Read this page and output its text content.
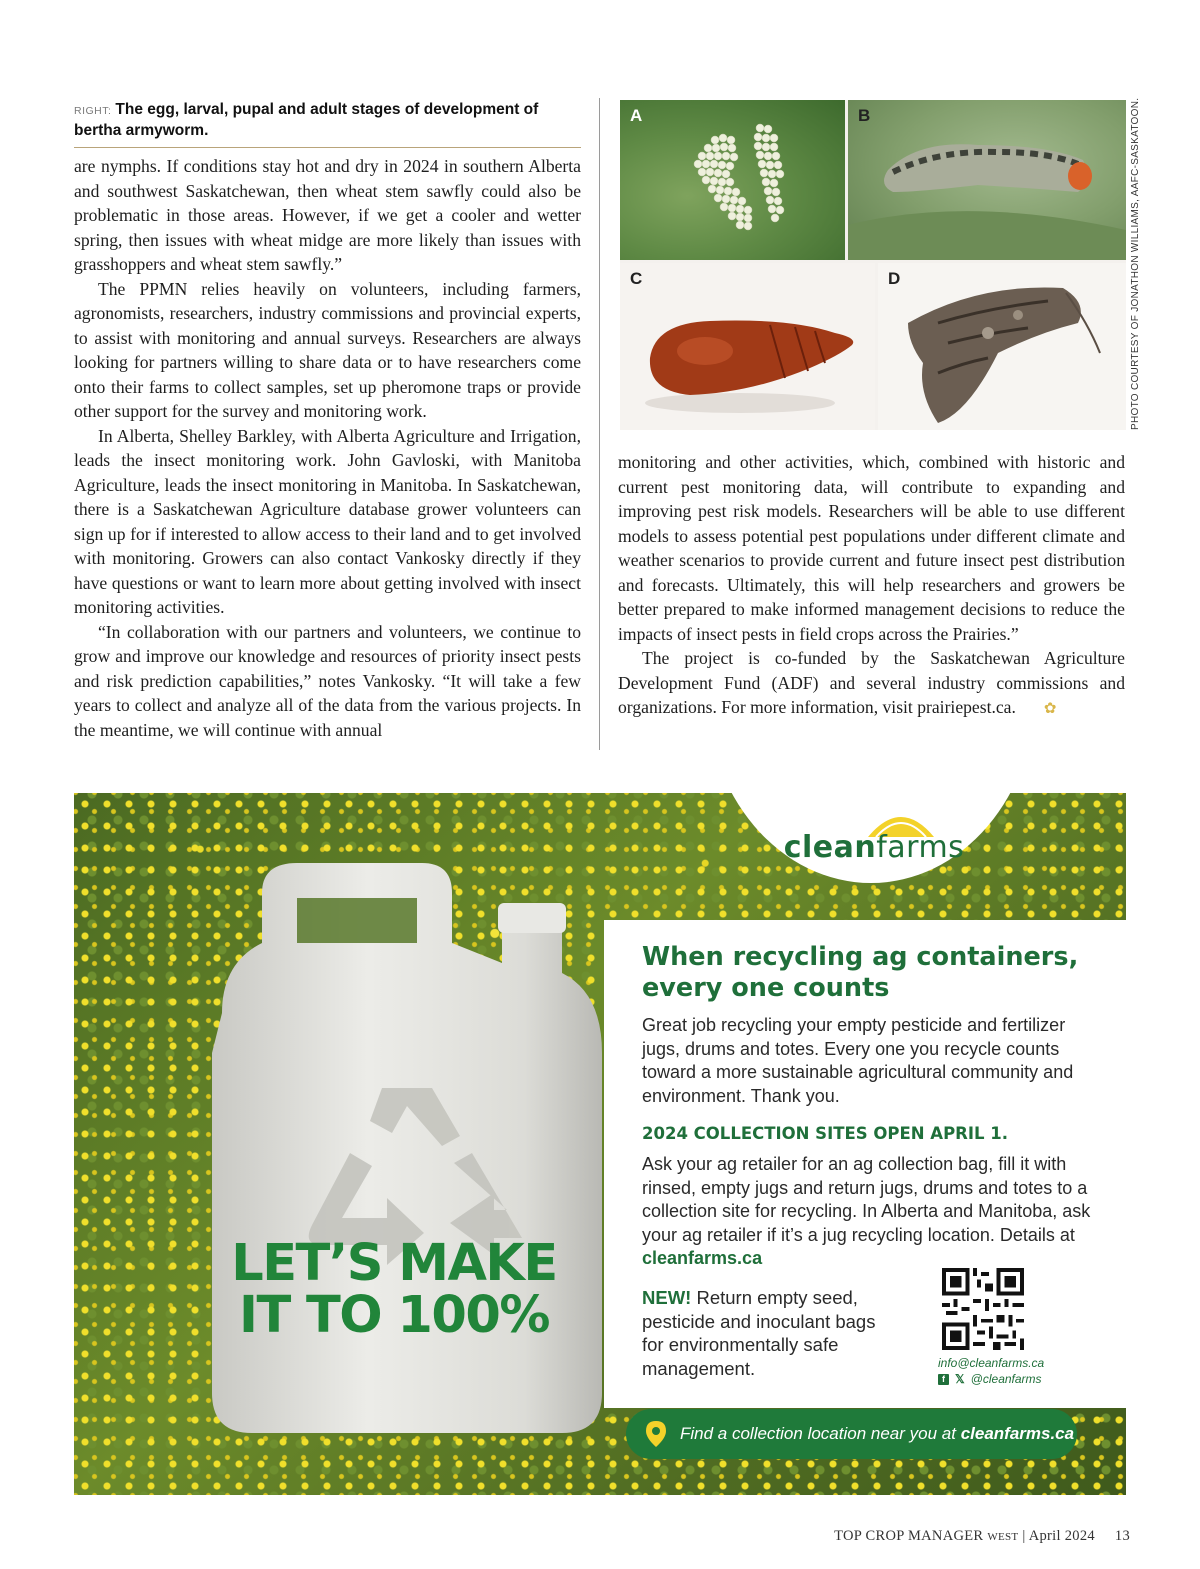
RIGHT: The egg, larval, pupal and adult stages of development of bertha armyworm.

are nymphs. If conditions stay hot and dry in 2024 in southern Alberta and southwest Saskatchewan, then wheat stem sawfly could also be problematic in those areas. However, if we get a cooler and wetter spring, then issues with wheat midge are more likely than issues with grasshoppers and wheat stem sawfly.”

The PPMN relies heavily on volunteers, including farmers, agronomists, researchers, industry commissions and provincial experts, to assist with monitoring and annual surveys. Researchers are always looking for partners willing to share data or to have researchers come onto their farms to collect samples, set up pheromone traps or provide other support for the survey and monitoring work.

In Alberta, Shelley Barkley, with Alberta Agriculture and Irrigation, leads the insect monitoring work. John Gavloski, with Manitoba Agriculture, leads the insect monitoring in Manitoba. In Saskatchewan, there is a Saskatchewan Agriculture database grower volunteers can sign up for if interested to allow access to their land and to get involved with monitoring. Growers can also contact Vankosky directly if they have questions or want to learn more about getting involved with insect monitoring activities.

“In collaboration with our partners and volunteers, we continue to grow and improve our knowledge and resources of priority insect pests and risk prediction capabilities,” notes Vankosky. “It will take a few years to collect and analyze all of the data from the various projects. In the meantime, we will continue with annual

A	B
C	D	PHOTO COURTESY OF JONATHON WILLIAMS, AAFC-SASKATOON.

monitoring and other activities, which, combined with historic and current pest monitoring data, will contribute to expanding and improving pest risk models. Researchers will be able to use different models to assess potential pest populations under different climate and weather scenarios to provide current and future insect pest distribution and forecasts. Ultimately, this will help researchers and growers be better prepared to make informed management decisions to reduce the impacts of insect pests in field crops across the Prairies.”

The project is co-funded by the Saskatchewan Agriculture Development Fund (ADF) and several industry commissions and organizations. For more information, visit prairiepest.ca. ✿

LET’S MAKE
IT TO 100%
cleanfarms
When recycling ag containers, every one counts
Great job recycling your empty pesticide and fertilizer jugs, drums and totes. Every one you recycle counts toward a more sustainable agricultural community and environment. Thank you.
2024 COLLECTION SITES OPEN APRIL 1.
Ask your ag retailer for an ag collection bag, fill it with rinsed, empty jugs and return jugs, drums and totes to a collection site for recycling. In Alberta and Manitoba, ask your ag retailer if it’s a jug recycling location. Details at cleanfarms.ca
NEW! Return empty seed, pesticide and inoculant bags for environmentally safe management.	info@cleanfarms.ca
f 𝕏 @cleanfarms
Find a collection location near you at cleanfarms.ca
TOP CROP MANAGER WEST | April 2024 13
